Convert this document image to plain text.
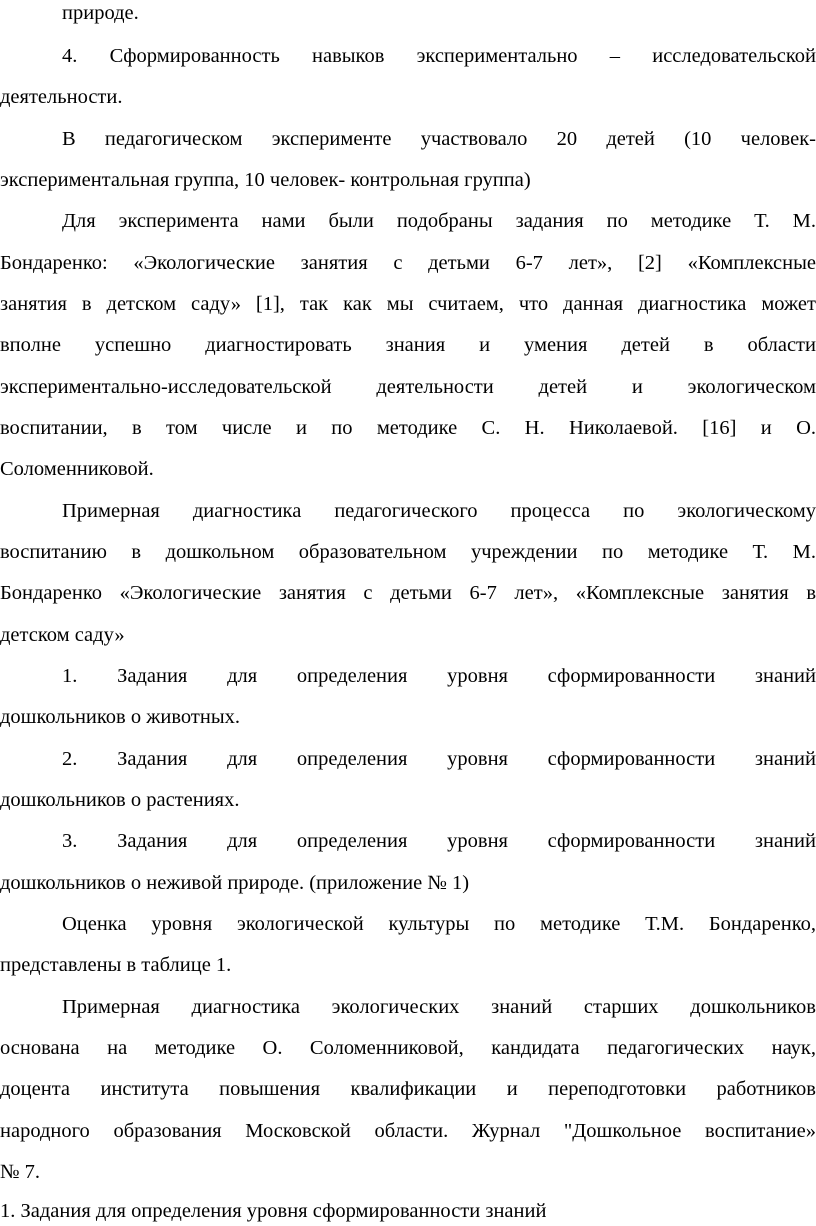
природе.
4. Сформированность навыков экспериментально – исследовательской
деятельности.
В педагогическом эксперименте участвовало 20 детей (10 человек-
экспериментальная группа, 10 человек- контрольная группа)
Для эксперимента нами были подобраны задания по методике Т. М.
Бондаренко: «Экологические занятия с детьми 6-7 лет», [2] «Комплексные
занятия в детском саду» [1], так как мы считаем, что данная диагностика может
вполне успешно диагностировать знания и умения детей в области
экспериментально-исследовательской деятельности детей и экологическом
воспитании, в том числе и по методике С. Н. Николаевой. [16] и О.
Соломенниковой.
Примерная диагностика педагогического процесса по экологическому
воспитанию в дошкольном образовательном учреждении по методике Т. М.
Бондаренко «Экологические занятия с детьми 6-7 лет», «Комплексные занятия в
детском саду»
1. Задания для определения уровня сформированности знаний
дошкольников о животных.
2. Задания для определения уровня сформированности знаний
дошкольников о растениях.
3. Задания для определения уровня сформированности знаний
дошкольников о неживой природе. (приложение № 1)
Оценка уровня экологической культуры по методике Т.М. Бондаренко,
представлены в таблице 1.
Примерная диагностика экологических знаний старших дошкольников
основана на методике О. Соломенниковой, кандидата педагогических наук,
доцента института повышения квалификации и переподготовки работников
народного образования Московской области. Журнал "Дошкольное воспитание»
№ 7.
1. Задания для определения уровня сформированности знаний
